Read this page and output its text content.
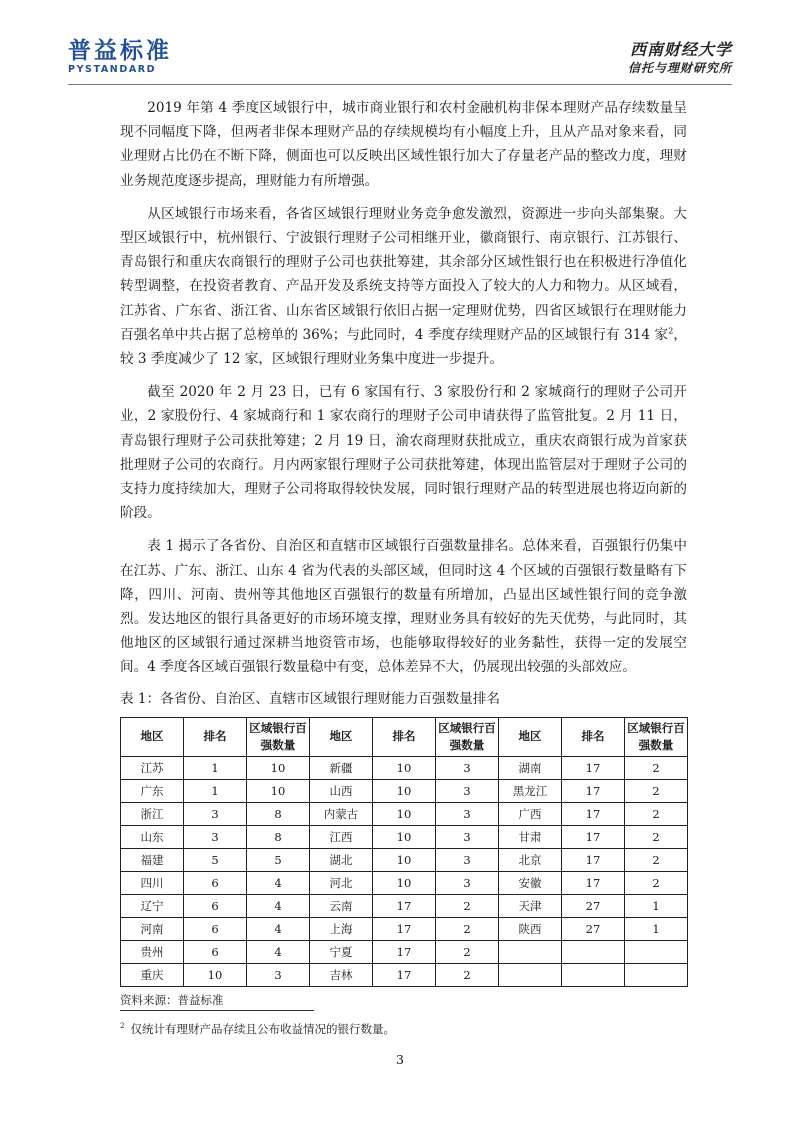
普益标准
PYSTANDARD
西南财经大学
信托与理财研究所

2019 年第 4 季度区域银行中，城市商业银行和农村金融机构非保本理财产品存续数量呈现不同幅度下降，但两者非保本理财产品的存续规模均有小幅度上升，且从产品对象来看，同业理财占比仍在不断下降，侧面也可以反映出区域性银行加大了存量老产品的整改力度，理财业务规范度逐步提高，理财能力有所增强。

从区域银行市场来看，各省区域银行理财业务竞争愈发激烈，资源进一步向头部集聚。大型区域银行中，杭州银行、宁波银行理财子公司相继开业，徽商银行、南京银行、江苏银行、青岛银行和重庆农商银行的理财子公司也获批筹建，其余部分区域性银行也在积极进行净值化转型调整，在投资者教育、产品开发及系统支持等方面投入了较大的人力和物力。从区域看，江苏省、广东省、浙江省、山东省区域银行依旧占据一定理财优势，四省区域银行在理财能力百强名单中共占据了总榜单的 36%；与此同时，4 季度存续理财产品的区域银行有 314 家$^2$，较 3 季度减少了 12 家，区域银行理财业务集中度进一步提升。

截至 2020 年 2 月 23 日，已有 6 家国有行、3 家股份行和 2 家城商行的理财子公司开业，2 家股份行、4 家城商行和 1 家农商行的理财子公司申请获得了监管批复。2 月 11 日，青岛银行理财子公司获批筹建；2 月 19 日，渝农商理财获批成立，重庆农商银行成为首家获批理财子公司的农商行。月内两家银行理财子公司获批筹建，体现出监管层对于理财子公司的支持力度持续加大，理财子公司将取得较快发展，同时银行理财产品的转型进展也将迈向新的阶段。

表 1 揭示了各省份、自治区和直辖市区域银行百强数量排名。总体来看，百强银行仍集中在江苏、广东、浙江、山东 4 省为代表的头部区域，但同时这 4 个区域的百强银行数量略有下降，四川、河南、贵州等其他地区百强银行的数量有所增加，凸显出区域性银行间的竞争激烈。发达地区的银行具备更好的市场环境支撑，理财业务具有较好的先天优势，与此同时，其他地区的区域银行通过深耕当地资管市场，也能够取得较好的业务黏性，获得一定的发展空间。4 季度各区域百强银行数量稳中有变，总体差异不大，仍展现出较强的头部效应。

表 1：各省份、自治区、直辖市区域银行理财能力百强数量排名
地区	排名	区域银行百强数量	地区	排名	区域银行百强数量	地区	排名	区域银行百强数量
江苏	1	10	新疆	10	3	湖南	17	2
广东	1	10	山西	10	3	黑龙江	17	2
浙江	3	8	内蒙古	10	3	广西	17	2
山东	3	8	江西	10	3	甘肃	17	2
福建	5	5	湖北	10	3	北京	17	2
四川	6	4	河北	10	3	安徽	17	2
辽宁	6	4	云南	17	2	天津	27	1
河南	6	4	上海	17	2	陕西	27	1
贵州	6	4	宁夏	17	2			
重庆	10	3	吉林	17	2			
资料来源：普益标准
$^2$ 仅统计有理财产品存续且公布收益情况的银行数量。
3
